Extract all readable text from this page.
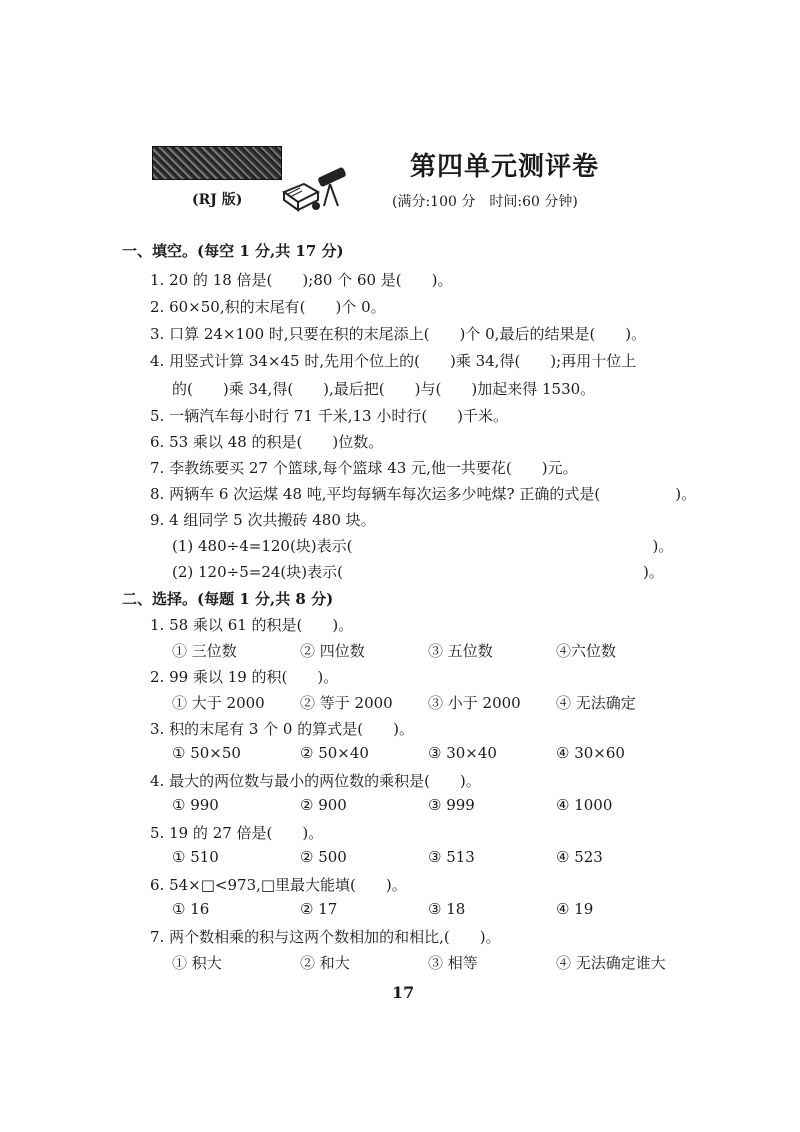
(RJ 版)
第四单元测评卷
(满分:100 分　时间:60 分钟)
一、填空。(每空 1 分,共 17 分)
1. 20 的 18 倍是(　　);80 个 60 是(　　)。
2. 60×50,积的末尾有(　　)个 0。
3. 口算 24×100 时,只要在积的末尾添上(　　)个 0,最后的结果是(　　)。
4. 用竖式计算 34×45 时,先用个位上的(　　)乘 34,得(　　);再用十位上
的(　　)乘 34,得(　　),最后把(　　)与(　　)加起来得 1530。
5. 一辆汽车每小时行 71 千米,13 小时行(　　)千米。
6. 53 乘以 48 的积是(　　)位数。
7. 李教练要买 27 个篮球,每个篮球 43 元,他一共要花(　　)元。
8. 两辆车 6 次运煤 48 吨,平均每辆车每次运多少吨煤? 正确的式是(　　　　　)。
9. 4 组同学 5 次共搬砖 480 块。
(1) 480÷4=120(块)表示(　　　　　　　　　　　　　　　　　　　　)。
(2) 120÷5=24(块)表示(　　　　　　　　　　　　　　　　　　　　)。
二、选择。(每题 1 分,共 8 分)
1. 58 乘以 61 的积是(　　)。
① 三位数	② 四位数	③ 五位数	④六位数
2. 99 乘以 19 的积(　　)。
① 大于 2000 ② 等于 2000 ③ 小于 2000 ④ 无法确定
3. 积的末尾有 3 个 0 的算式是(　　)。
① 50×50	② 50×40	③ 30×40	④ 30×60
4. 最大的两位数与最小的两位数的乘积是(　　)。
① 990	② 900	③ 999	④ 1000
5. 19 的 27 倍是(　　)。
① 510	② 500	③ 513	④ 523
6. 54×□<973,□里最大能填(　　)。
① 16	② 17	③ 18	④ 19
7. 两个数相乘的积与这两个数相加的和相比,(　　)。
① 积大	② 和大	③ 相等	④ 无法确定谁大
17
